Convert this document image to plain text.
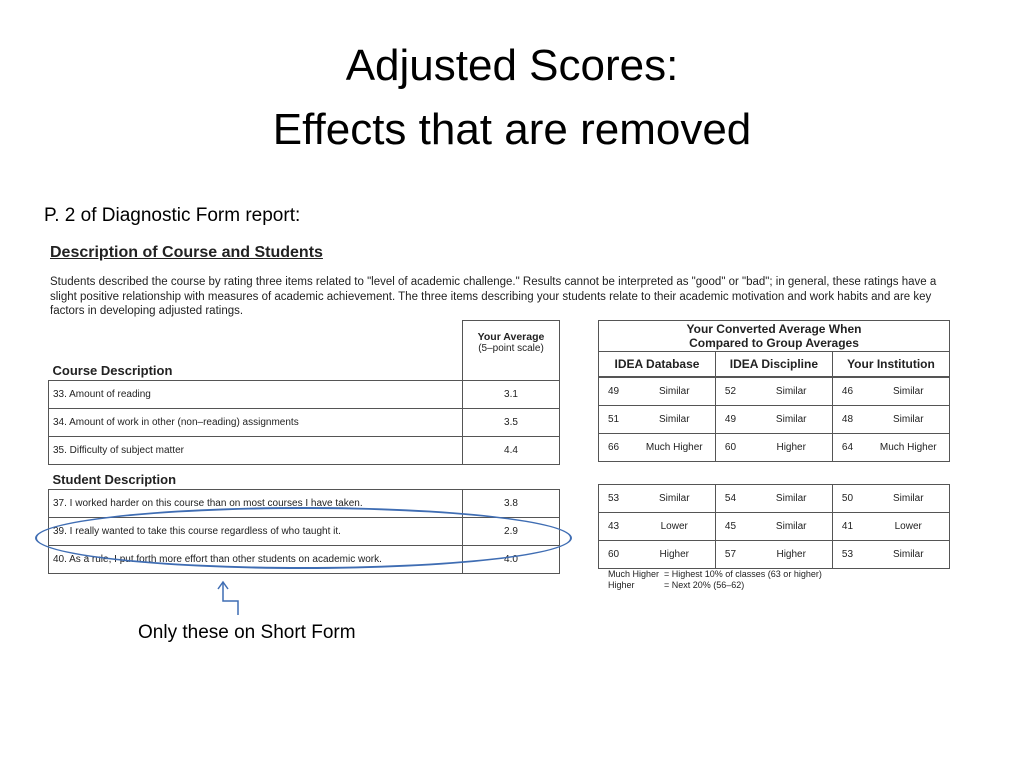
Adjusted Scores:
Effects that are removed
P. 2 of Diagnostic Form report:
Description of Course and Students
Students described the course by rating three items related to "level of academic challenge." Results cannot be interpreted as "good" or "bad"; in general, these ratings have a slight positive relationship with measures of academic achievement. The three items describing your students relate to their academic motivation and work habits and are key factors in developing adjusted ratings.
Course Description	Your Average
(5–point scale)
33. Amount of reading	3.1
34. Amount of work in other (non–reading) assignments	3.5
35. Difficulty of subject matter	4.4
Student Description	
37. I worked harder on this course than on most courses I have taken.	3.8
39. I really wanted to take this course regardless of who taught it.	2.9
40. As a rule, I put forth more effort than other students on academic work.	4.0
Your Converted Average When
Compared to Group Averages					

IDEA Database		IDEA Discipline		Your Institution	
49	Similar	52	Similar	46	Similar
51	Similar	49	Similar	48	Similar
66	Much Higher	60	Higher	64	Much Higher

53	Similar	54	Similar	50	Similar
43	Lower	45	Similar	41	Lower
60	Higher	57	Higher	53	Similar
Much Higher = Highest 10% of classes (63 or higher)
Higher	= Next 20% (56–62)
Only these on Short Form
